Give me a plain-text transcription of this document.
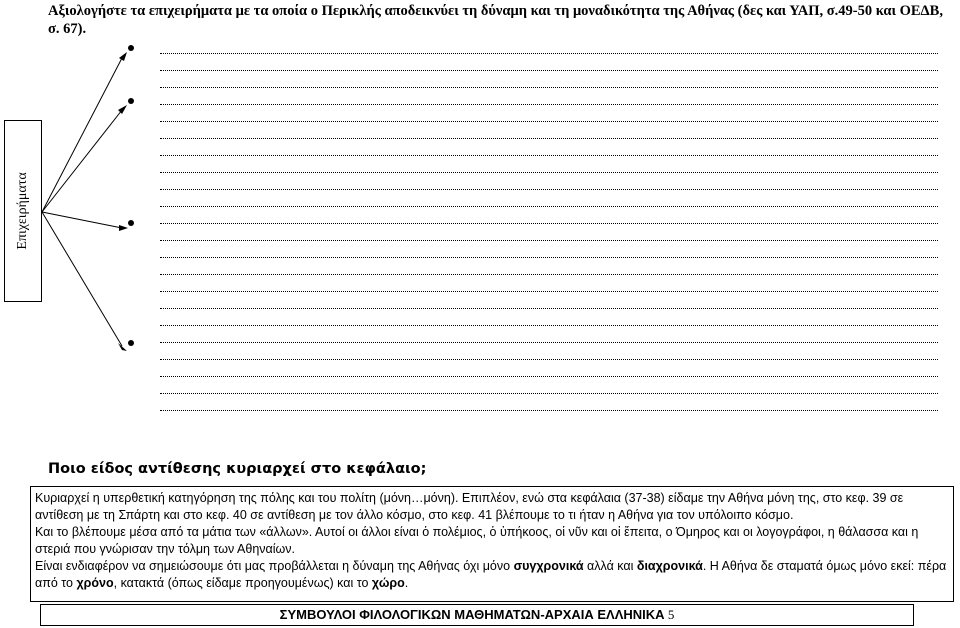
Αξιολογήστε τα επιχειρήματα με τα οποία ο Περικλής αποδεικνύει τη δύναμη και τη μοναδικότητα της Αθήνας (δες και ΥΑΠ, σ.49-50 και ΟΕΔΒ, σ. 67).
Επιχειρήματα
Ποιο είδος αντίθεσης κυριαρχεί στο κεφάλαιο;

Κυριαρχεί η υπερθετική κατηγόρηση της πόλης και του πολίτη (μόνη…μόνη). Επιπλέον, ενώ στα κεφάλαια (37-38) είδαμε την Αθήνα μόνη της, στο κεφ. 39 σε αντίθεση με τη Σπάρτη και στο κεφ. 40 σε αντίθεση με τον άλλο κόσμο, στο κεφ. 41 βλέπουμε το τι ήταν η Αθήνα για τον υπόλοιπο κόσμο.

Και το βλέπουμε μέσα από τα μάτια των «άλλων». Αυτοί οι άλλοι είναι ὁ πολέμιος, ὁ ὑπήκοος, οἱ νῦν και οἱ ἔπειτα, ο Όμηρος και οι λογογράφοι, η θάλασσα και η στεριά που γνώρισαν την τόλμη των Αθηναίων.

Είναι ενδιαφέρον να σημειώσουμε ότι μας προβάλλεται η δύναμη της Αθήνας όχι μόνο συγχρονικά αλλά και διαχρονικά. Η Αθήνα δε σταματά όμως μόνο εκεί: πέρα από το χρόνο, κατακτά (όπως είδαμε προηγουμένως) και το χώρο.

ΣΥΜΒΟΥΛΟΙ ΦΙΛΟΛΟΓΙΚΩΝ ΜΑΘΗΜΑΤΩΝ-ΑΡΧΑΙΑ ΕΛΛΗΝΙΚΑ 5
